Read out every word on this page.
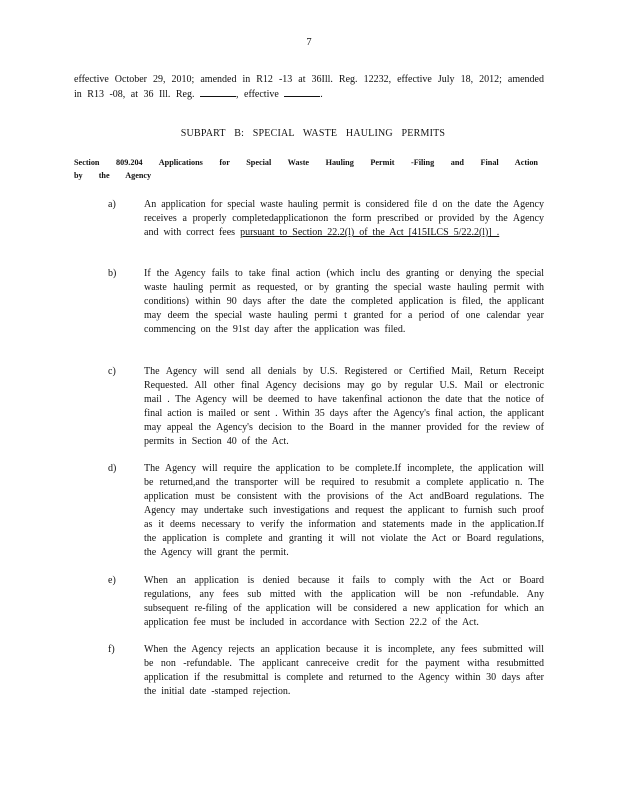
7
effective October 29, 2010; amended in R12 -13 at 36Ill. Reg. 12232, effective July 18, 2012; amended in R13 -08, at 36 Ill. Reg.	, effective	.
SUBPART B: SPECIAL WASTE HAULING PERMITS
Section 809.204 Applications for Special Waste Hauling Permit -Filing and Final Action by the Agency
a)	An application for special waste hauling permit is considered file d on the date the Agency receives a properly completedapplicationon the form prescribed or provided by the Agency and with correct fees pursuant to Section 22.2(l) of the Act [415ILCS 5/22.2(l)] .
b)	If the Agency fails to take final action (which inclu des granting or denying the special waste hauling permit as requested, or by granting the special waste hauling permit with conditions) within 90 days after the date the completed application is filed, the applicant may deem the special waste hauling permi t granted for a period of one calendar year commencing on the 91st day after the application was filed.
c)	The Agency will send all denials by U.S. Registered or Certified Mail, Return Receipt Requested. All other final Agency decisions may go by regular U.S. Mail or electronic mail . The Agency will be deemed to have takenfinal actionon the date that the notice of final action is mailed or sent . Within 35 days after the Agency's final action, the applicant may appeal the Agency's decision to the Board in the manner provided for the review of permits in Section 40 of the Act.
d)	The Agency will require the application to be complete.If incomplete, the application will be returned,and the transporter will be required to resubmit a complete applicatio n. The application must be consistent with the provisions of the Act andBoard regulations. The Agency may undertake such investigations and request the applicant to furnish such proof as it deems necessary to verify the information and statements made in the application.If the application is complete and granting it will not violate the Act or Board regulations, the Agency will grant the permit.
e)	When an application is denied because it fails to comply with the Act or Board regulations, any fees sub mitted with the application will be non -refundable. Any subsequent re-filing of the application will be considered a new application for which an application fee must be included in accordance with Section 22.2 of the Act.
f)	When the Agency rejects an application because it is incomplete, any fees submitted will be non -refundable. The applicant canreceive credit for the payment witha resubmitted application if the resubmittal is complete and returned to the Agency within 30 days after the initial date -stamped rejection.
